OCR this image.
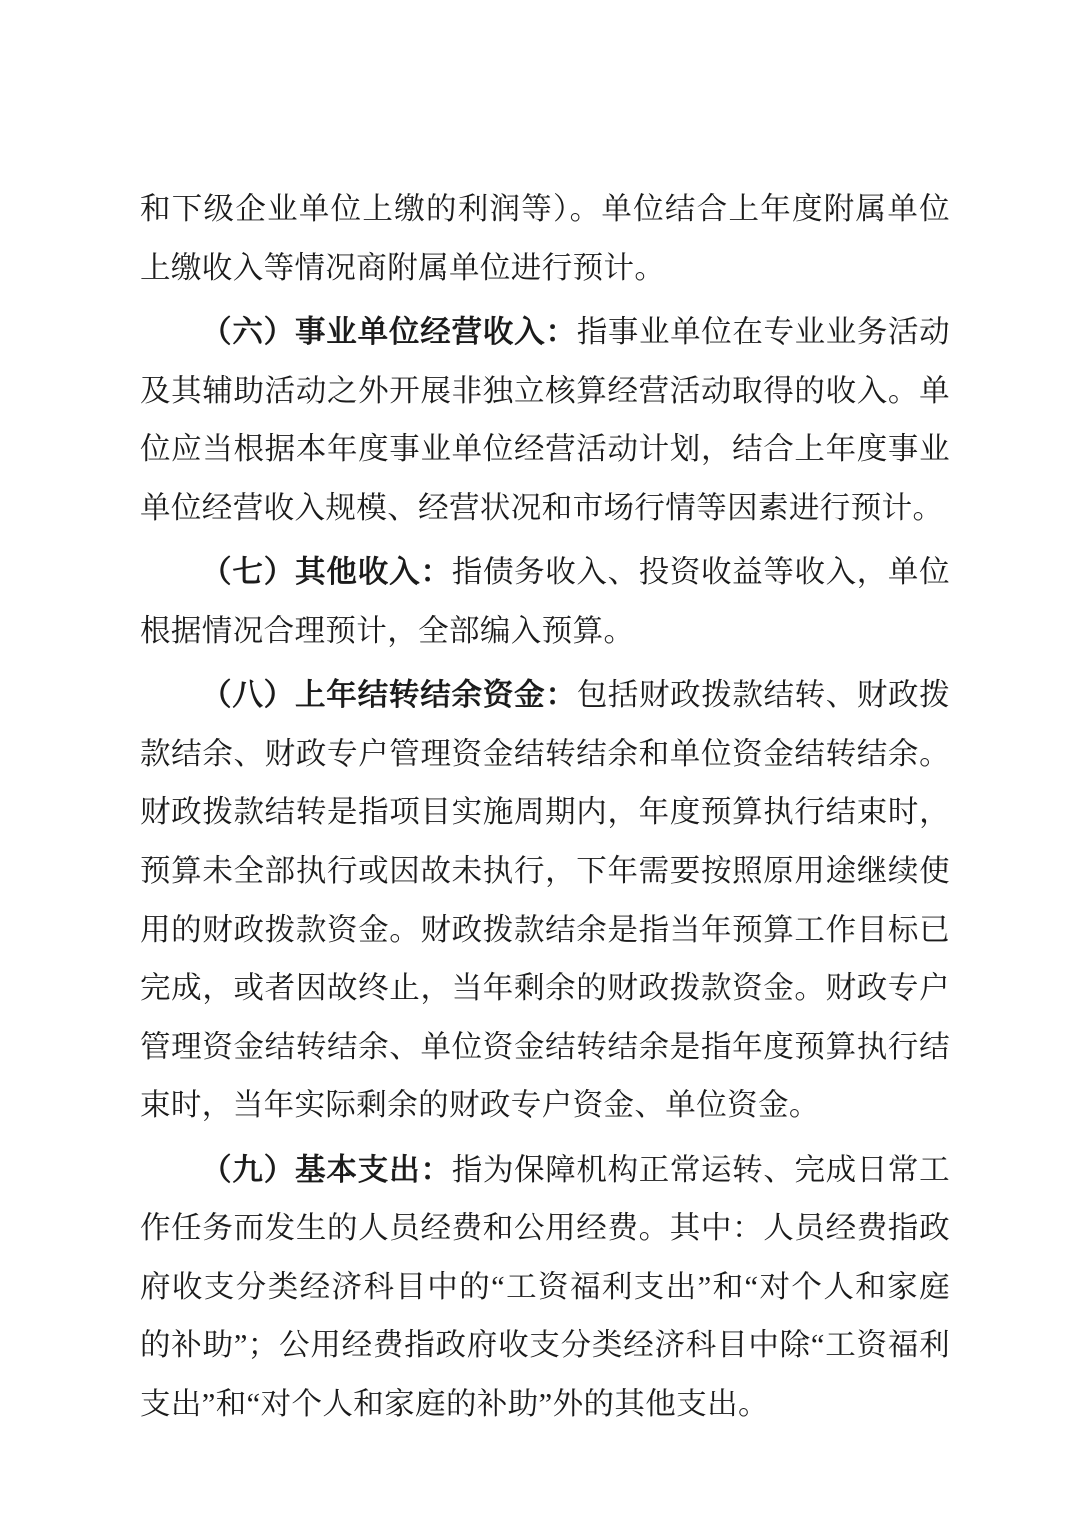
和下级企业单位上缴的利润等）。单位结合上年度附属单位上缴收入等情况商附属单位进行预计。

（六）事业单位经营收入：指事业单位在专业业务活动及其辅助活动之外开展非独立核算经营活动取得的收入。单位应当根据本年度事业单位经营活动计划，结合上年度事业单位经营收入规模、经营状况和市场行情等因素进行预计。

（七）其他收入：指债务收入、投资收益等收入，单位根据情况合理预计，全部编入预算。

（八）上年结转结余资金：包括财政拨款结转、财政拨款结余、财政专户管理资金结转结余和单位资金结转结余。财政拨款结转是指项目实施周期内，年度预算执行结束时，预算未全部执行或因故未执行，下年需要按照原用途继续使用的财政拨款资金。财政拨款结余是指当年预算工作目标已完成，或者因故终止，当年剩余的财政拨款资金。财政专户管理资金结转结余、单位资金结转结余是指年度预算执行结束时，当年实际剩余的财政专户资金、单位资金。

（九）基本支出：指为保障机构正常运转、完成日常工作任务而发生的人员经费和公用经费。其中：人员经费指政府收支分类经济科目中的“工资福利支出”和“对个人和家庭的补助”；公用经费指政府收支分类经济科目中除“工资福利支出”和“对个人和家庭的补助”外的其他支出。
